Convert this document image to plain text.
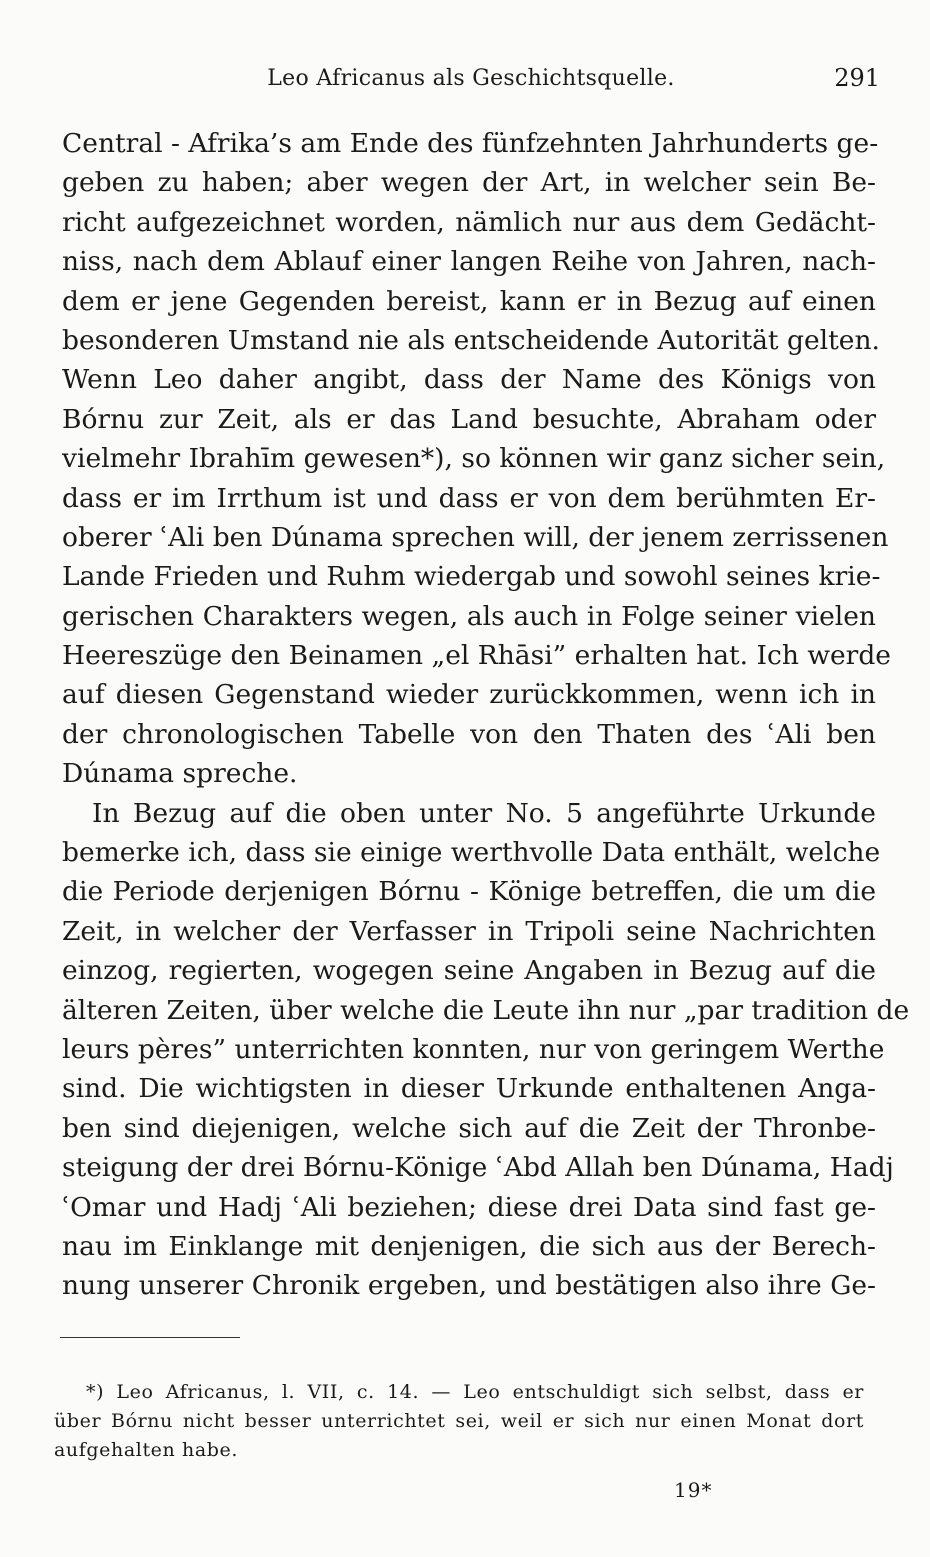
Leo Africanus als Geschichtsquelle.	291
Central - Afrika’s am Ende des fünfzehnten Jahrhunderts ge-
geben zu haben; aber wegen der Art, in welcher sein Be-
richt aufgezeichnet worden, nämlich nur aus dem Gedächt-
niss, nach dem Ablauf einer langen Reihe von Jahren, nach-
dem er jene Gegenden bereist, kann er in Bezug auf einen
besonderen Umstand nie als entscheidende Autorität gelten.
Wenn Leo daher angibt, dass der Name des Königs von
Bórnu zur Zeit, als er das Land besuchte, Abraham oder
vielmehr Ibrahīm gewesen*), so können wir ganz sicher sein,
dass er im Irrthum ist und dass er von dem berühmten Er-
oberer ʿAli ben Dúnama sprechen will, der jenem zerrissenen
Lande Frieden und Ruhm wiedergab und sowohl seines krie-
gerischen Charakters wegen, als auch in Folge seiner vielen
Heereszüge den Beinamen „el Rhāsi” erhalten hat. Ich werde
auf diesen Gegenstand wieder zurückkommen, wenn ich in
der chronologischen Tabelle von den Thaten des ʿAli ben
Dúnama spreche.
In Bezug auf die oben unter No. 5 angeführte Urkunde
bemerke ich, dass sie einige werthvolle Data enthält, welche
die Periode derjenigen Bórnu - Könige betreffen, die um die
Zeit, in welcher der Verfasser in Tripoli seine Nachrichten
einzog, regierten, wogegen seine Angaben in Bezug auf die
älteren Zeiten, über welche die Leute ihn nur „par tradition de
leurs pères” unterrichten konnten, nur von geringem Werthe
sind. Die wichtigsten in dieser Urkunde enthaltenen Anga-
ben sind diejenigen, welche sich auf die Zeit der Thronbe-
steigung der drei Bórnu-Könige ʿAbd Allah ben Dúnama, Hadj
ʿOmar und Hadj ʿAli beziehen; diese drei Data sind fast ge-
nau im Einklange mit denjenigen, die sich aus der Berech-
nung unserer Chronik ergeben, und bestätigen also ihre Ge-
*) Leo Africanus, l. VII, c. 14. — Leo entschuldigt sich selbst, dass er
über Bórnu nicht besser unterrichtet sei, weil er sich nur einen Monat dort
aufgehalten habe.
19*
